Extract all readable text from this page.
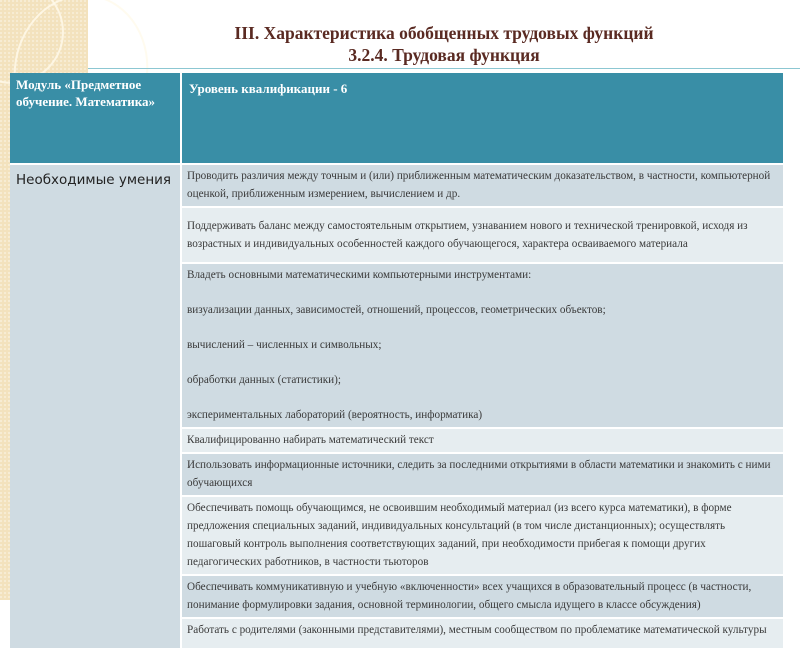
III. Характеристика обобщенных трудовых функций
3.2.4. Трудовая функция
Модуль «Предметное обучение. Математика»	Уровень квалификации - 6
Необходимые умения	Проводить различия между точным и (или) приближенным математическим доказательством, в частности, компьютерной оценкой, приближенным измерением, вычислением и др.

	Поддерживать баланс между самостоятельным открытием, узнаванием нового и технической тренировкой, исходя из возрастных и индивидуальных особенностей каждого обучающегося, характера осваиваемого материала

	Владеть основными математическими компьютерными инструментами:

визуализации данных, зависимостей, отношений, процессов, геометрических объектов;

вычислений – численных и символьных;

обработки данных (статистики);

экспериментальных лабораторий (вероятность, информатика)

	Квалифицированно набирать математический текст

	Использовать информационные источники, следить за последними открытиями в области математики и знакомить с ними обучающихся

	Обеспечивать помощь обучающимся, не освоившим необходимый материал (из всего курса математики), в форме предложения специальных заданий, индивидуальных консультаций (в том числе дистанционных); осуществлять пошаговый контроль выполнения соответствующих заданий, при необходимости прибегая к помощи других педагогических работников, в частности тьюторов

	Обеспечивать коммуникативную и учебную «включенности» всех учащихся в образовательный процесс (в частности, понимание формулировки задания, основной терминологии, общего смысла идущего в классе обсуждения)

	Работать с родителями (законными представителями), местным сообществом по проблематике математической культуры
